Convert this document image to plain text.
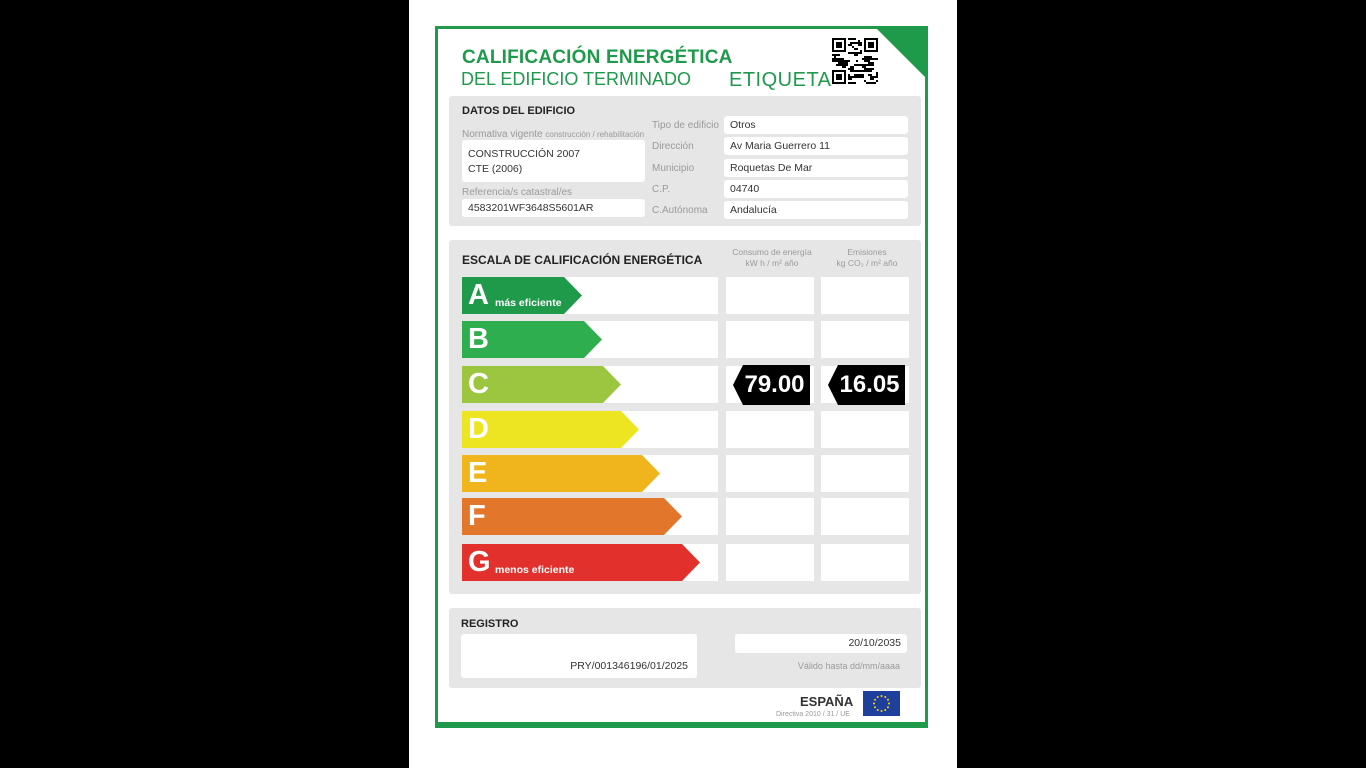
CALIFICACIÓN ENERGÉTICA
DEL EDIFICIO TERMINADO ETIQUETA
DATOS DEL EDIFICIO
Normativa vigente construcción / rehabilitación
CONSTRUCCIÓN 2007
CTE (2006)
Referencia/s catastral/es
4583201WF3648S5601AR
Tipo de edificio	Otros
Dirección	Av Maria Guerrero 11
Municipio	Roquetas De Mar
C.P.	04740
C.Autónoma	Andalucía
ESCALA DE CALIFICACIÓN ENERGÉTICA
Consumo de energía
kW h / m² año
Emisiones
kg CO₂ / m² año
A más eficiente
B
C	79.00	16.05
D
E
F
G menos eficiente
REGISTRO
PRY/001346196/01/2025
20/10/2035
Válido hasta dd/mm/aaaa
ESPAÑA
Directiva 2010 / 31 / UE
